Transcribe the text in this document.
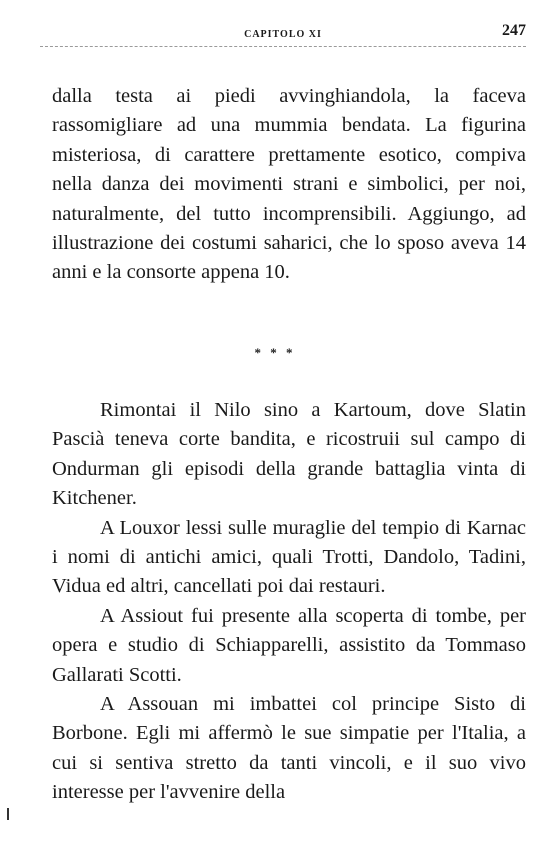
CAPITOLO XI	247

dalla testa ai piedi avvinghiandola, la faceva rassomigliare ad una mummia bendata. La figurina misteriosa, di carattere prettamente esotico, compiva nella danza dei movimenti strani e simbolici, per noi, naturalmente, del tutto incomprensibili. Aggiungo, ad illustrazione dei costumi saharici, che lo sposo aveva 14 anni e la consorte appena 10.

* * *

Rimontai il Nilo sino a Kartoum, dove Slatin Pascià teneva corte bandita, e ricostruii sul campo di Ondurman gli episodi della grande battaglia vinta di Kitchener.

A Louxor lessi sulle muraglie del tempio di Karnac i nomi di antichi amici, quali Trotti, Dandolo, Tadini, Vidua ed altri, cancellati poi dai restauri.

A Assiout fui presente alla scoperta di tombe, per opera e studio di Schiapparelli, assistito da Tommaso Gallarati Scotti.

A Assouan mi imbattei col principe Sisto di Borbone. Egli mi affermò le sue simpatie per l'Italia, a cui si sentiva stretto da tanti vincoli, e il suo vivo interesse per l'avvenire della
